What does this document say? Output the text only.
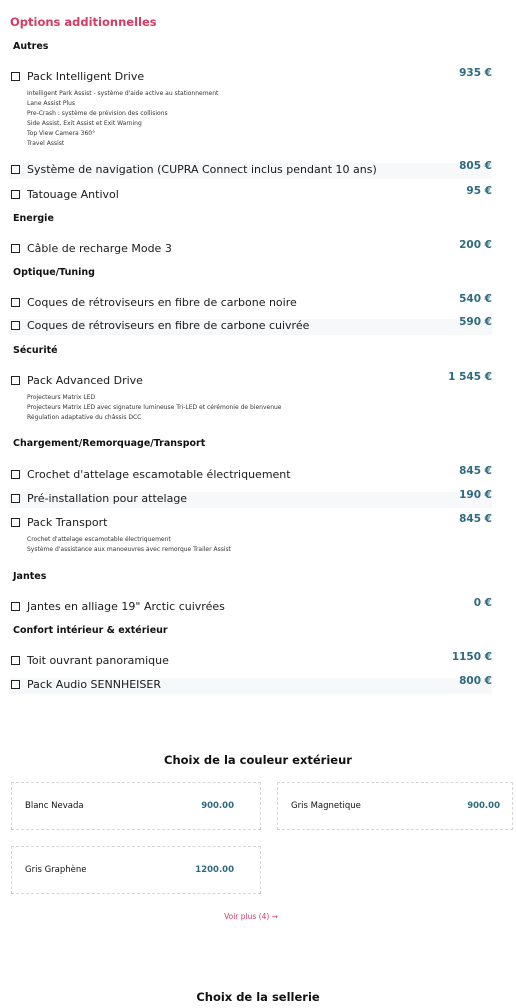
Options additionnelles
Autres
Pack Intelligent Drive	935 €
Intelligent Park Assist - système d'aide active au stationnement
Lane Assist Plus
Pre-Crash : système de prévision des collisions
Side Assist, Exit Assist et Exit Warning
Top View Camera 360°
Travel Assist
Système de navigation (CUPRA Connect inclus pendant 10 ans)	805 €
Tatouage Antivol	95 €
Energie
Câble de recharge Mode 3	200 €
Optique/Tuning
Coques de rétroviseurs en fibre de carbone noire	540 €
Coques de rétroviseurs en fibre de carbone cuivrée	590 €
Sécurité
Pack Advanced Drive	1 545 €
Projecteurs Matrix LED
Projecteurs Matrix LED avec signature lumineuse Tri-LED et cérémonie de bienvenue
Régulation adaptative du châssis DCC
Chargement/Remorquage/Transport
Crochet d'attelage escamotable électriquement	845 €
Pré-installation pour attelage	190 €
Pack Transport	845 €
Crochet d'attelage escamotable électriquement
Système d'assistance aux manoeuvres avec remorque Trailer Assist
Jantes
Jantes en alliage 19" Arctic cuivrées	0 €
Confort intérieur & extérieur
Toit ouvrant panoramique	1150 €
Pack Audio SENNHEISER	800 €
Choix de la couleur extérieur
Blanc Nevada	900.00	Gris Magnetique	900.00
Gris Graphène	1200.00
Voir plus (4) →
Choix de la sellerie
